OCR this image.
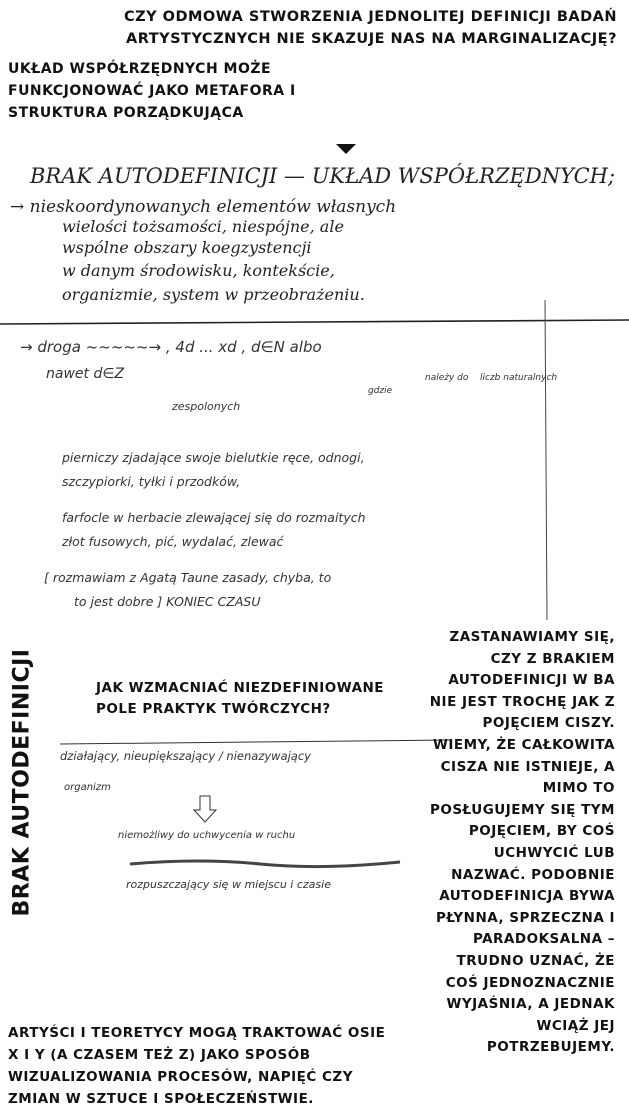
CZY ODMOWA STWORZENIA JEDNOLITEJ DEFINICJI BADAŃ ARTYSTYCZNYCH NIE SKAZUJE NAS NA MARGINALIZACJĘ?
UKŁAD WSPÓŁRZĘDNYCH MOŻE FUNKCJONOWAĆ JAKO METAFORA I STRUKTURA PORZĄDKUJĄCA
BRAK AUTODEFINICJI — UKŁAD WSPÓŁRZĘDNYCH;
→ nieskoordynowanych elementów własnych
wielości tożsamości, niespójne, ale
wspólne obszary koegzystencji
w danym środowisku, kontekście,
organizmie, system w przeobrażeniu.
→ droga ~~~~~→ , 4d ... xd , d∈N albo
nawet d∈Z
gdzie
należy do liczb naturalnych
zespolonych
pierniczy zjadające swoje bielutkie ręce, odnogi,
szczypiorki, tyłki i przodków,
farfocle w herbacie zlewającej się do rozmaitych
złot fusowych, pić, wydalać, zlewać
[ rozmawiam z Agatą Taune zasady, chyba, to
to jest dobre ] KONIEC CZASU
działający, nieupiększający / nienazywający
organizm
niemożliwy do uchwycenia w ruchu
rozpuszczający się w miejscu i czasie
BRAK AUTODEFINICJI	JAK WZMACNIAĆ NIEZDEFINIOWANE POLE PRAKTYK TWÓRCZYCH?
ZASTANAWIAMY SIĘ, CZY Z BRAKIEM AUTODEFINICJI W BA NIE JEST TROCHĘ JAK Z POJĘCIEM CISZY. WIEMY, ŻE CAŁKOWITA CISZA NIE ISTNIEJE, A MIMO TO POSŁUGUJEMY SIĘ TYM POJĘCIEM, BY COŚ UCHWYCIĆ LUB NAZWAĆ. PODOBNIE AUTODEFINICJA BYWA PŁYNNA, SPRZECZNA I PARADOKSALNA – TRUDNO UZNAĆ, ŻE COŚ JEDNOZNACZNIE WYJAŚNIA, A JEDNAK WCIĄŻ JEJ POTRZEBUJEMY.
ARTYŚCI I TEORETYCY MOGĄ TRAKTOWAĆ OSIE X I Y (A CZASEM TEŻ Z) JAKO SPOSÓB WIZUALIZOWANIA PROCESÓW, NAPIĘĆ CZY ZMIAN W SZTUCE I SPOŁECZEŃSTWIE.
